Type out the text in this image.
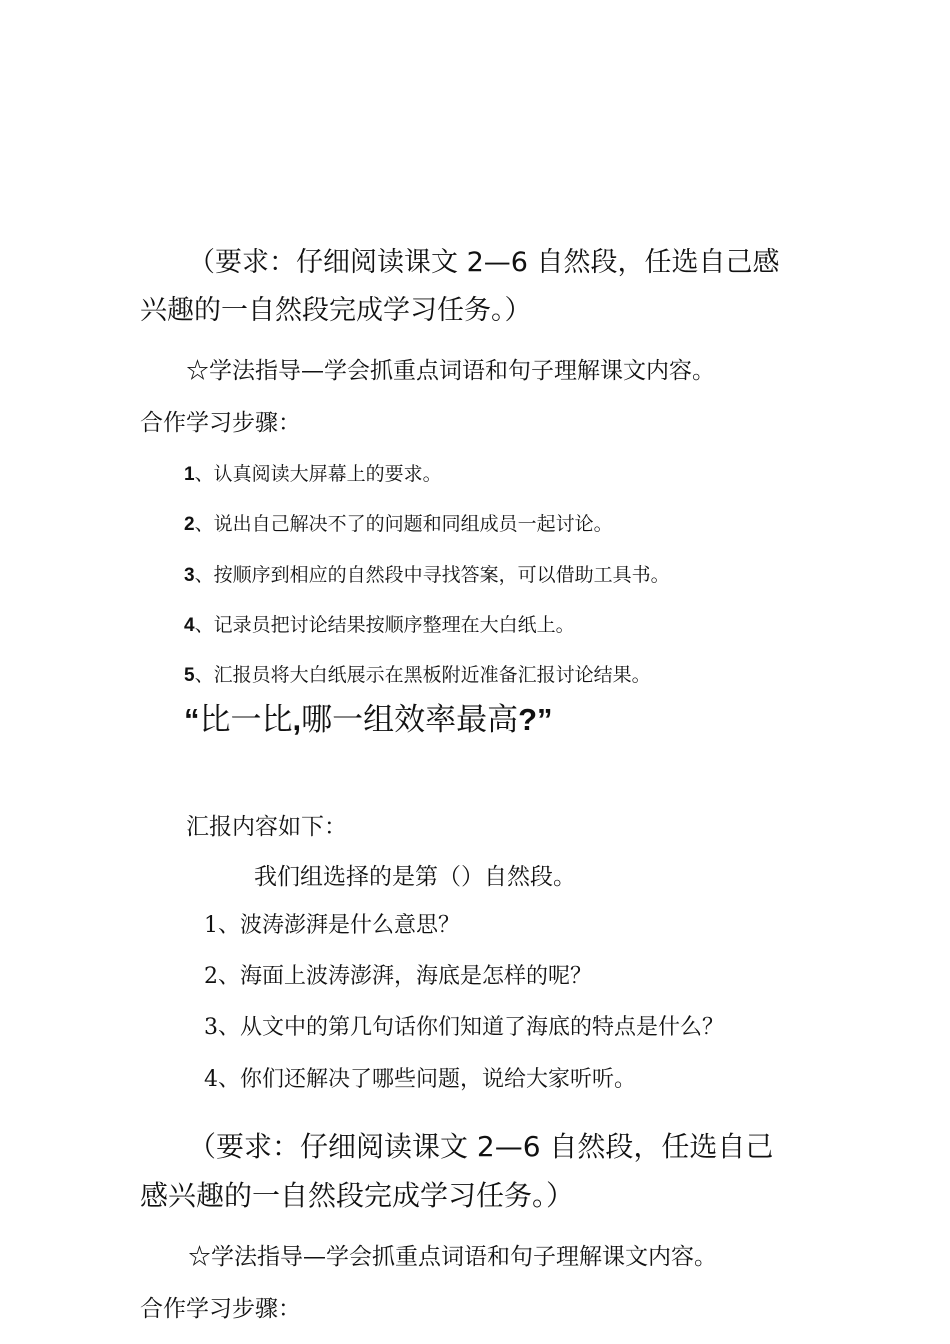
（要求：仔细阅读课文 2—6 自然段，任选自己感
兴趣的一自然段完成学习任务。）
☆学法指导—学会抓重点词语和句子理解课文内容。
合作学习步骤：
1、认真阅读大屏幕上的要求。
2、说出自己解决不了的问题和同组成员一起讨论。
3、按顺序到相应的自然段中寻找答案，可以借助工具书。
4、记录员把讨论结果按顺序整理在大白纸上。
5、汇报员将大白纸展示在黑板附近准备汇报讨论结果。
“比一比,哪一组效率最高?”
汇报内容如下：
我们组选择的是第（）自然段。
1、波涛澎湃是什么意思？
2、海面上波涛澎湃，海底是怎样的呢？
3、从文中的第几句话你们知道了海底的特点是什么？
4、你们还解决了哪些问题，说给大家听听。
（要求：仔细阅读课文 2—6 自然段，任选自己
感兴趣的一自然段完成学习任务。）
☆学法指导—学会抓重点词语和句子理解课文内容。
合作学习步骤：
